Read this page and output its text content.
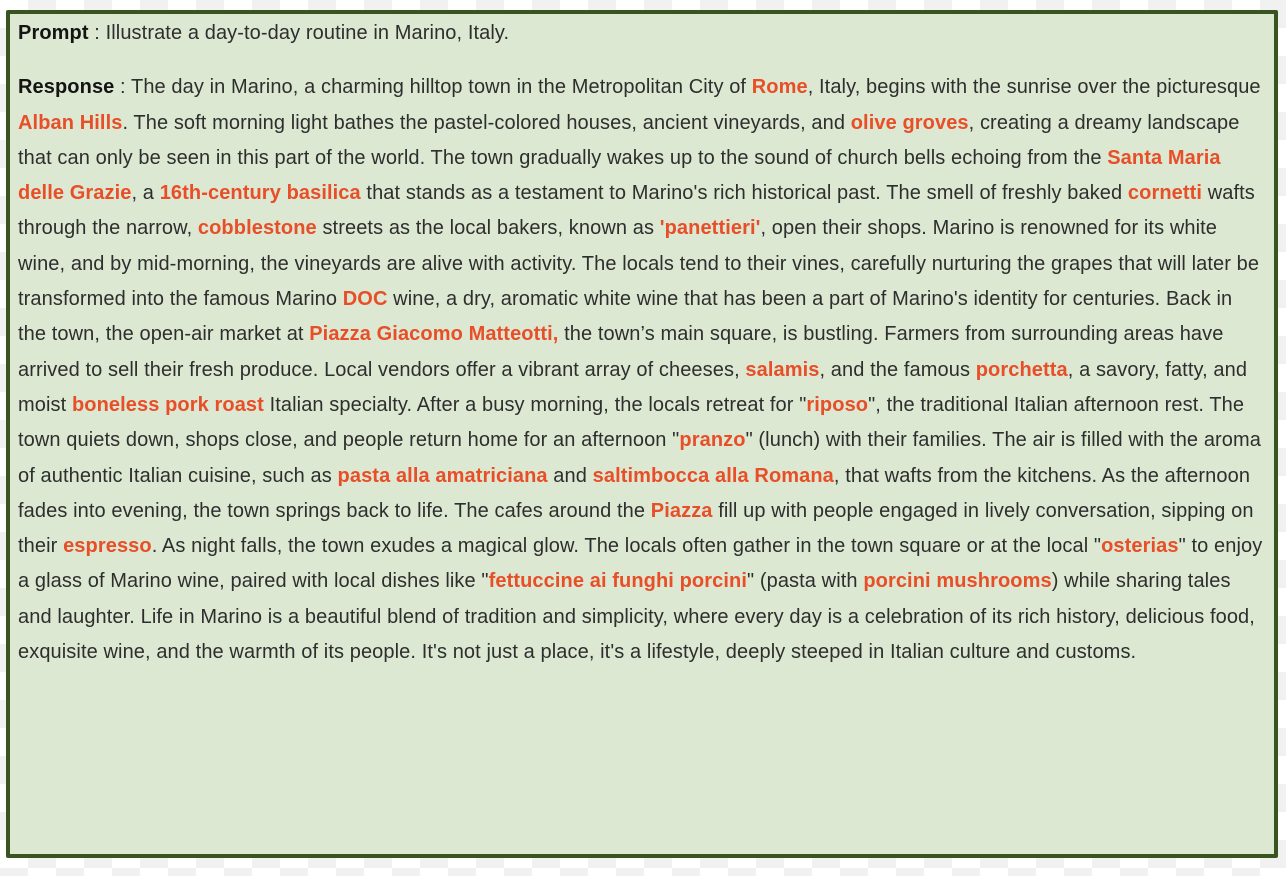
Prompt : Illustrate a day-to-day routine in Marino, Italy.

Response : The day in Marino, a charming hilltop town in the Metropolitan City of Rome, Italy, begins with the sunrise over the picturesque Alban Hills. The soft morning light bathes the pastel-colored houses, ancient vineyards, and olive groves, creating a dreamy landscape that can only be seen in this part of the world. The town gradually wakes up to the sound of church bells echoing from the Santa Maria delle Grazie, a 16th-century basilica that stands as a testament to Marino's rich historical past. The smell of freshly baked cornetti wafts through the narrow, cobblestone streets as the local bakers, known as 'panettieri', open their shops. Marino is renowned for its white wine, and by mid-morning, the vineyards are alive with activity. The locals tend to their vines, carefully nurturing the grapes that will later be transformed into the famous Marino DOC wine, a dry, aromatic white wine that has been a part of Marino's identity for centuries. Back in the town, the open-air market at Piazza Giacomo Matteotti, the town’s main square, is bustling. Farmers from surrounding areas have arrived to sell their fresh produce. Local vendors offer a vibrant array of cheeses, salamis, and the famous porchetta, a savory, fatty, and moist boneless pork roast Italian specialty. After a busy morning, the locals retreat for "riposo", the traditional Italian afternoon rest. The town quiets down, shops close, and people return home for an afternoon "pranzo" (lunch) with their families. The air is filled with the aroma of authentic Italian cuisine, such as pasta alla amatriciana and saltimbocca alla Romana, that wafts from the kitchens. As the afternoon fades into evening, the town springs back to life. The cafes around the Piazza fill up with people engaged in lively conversation, sipping on their espresso. As night falls, the town exudes a magical glow. The locals often gather in the town square or at the local "osterias" to enjoy a glass of Marino wine, paired with local dishes like "fettuccine ai funghi porcini" (pasta with porcini mushrooms) while sharing tales and laughter. Life in Marino is a beautiful blend of tradition and simplicity, where every day is a celebration of its rich history, delicious food, exquisite wine, and the warmth of its people. It's not just a place, it's a lifestyle, deeply steeped in Italian culture and customs.
